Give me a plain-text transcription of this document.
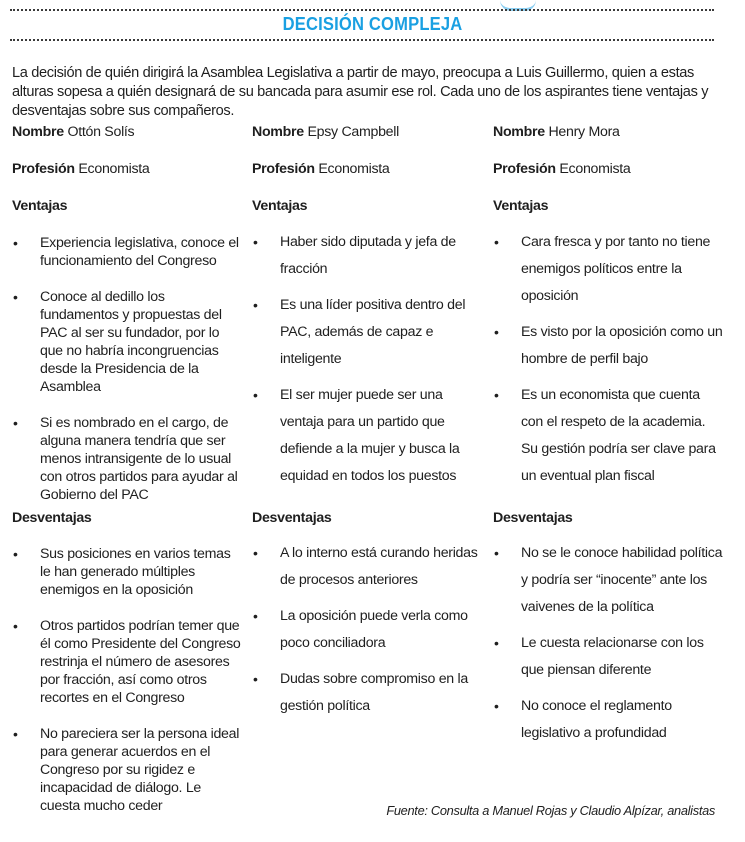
DECISIÓN COMPLEJA

La decisión de quién dirigirá la Asamblea Legislativa a partir de mayo, preocupa a Luis Guillermo, quien a estas alturas sopesa a quién designará de su bancada para asumir ese rol. Cada uno de los aspirantes tiene ventajas y desventajas sobre sus compañeros.

Nombre Ottón Solís
Profesión Economista
Ventajas
• Experiencia legislativa, conoce el funcionamiento del Congreso
• Conoce al dedillo los fundamentos y propuestas del PAC al ser su fundador, por lo que no habría incongruencias desde la Presidencia de la Asamblea
• Si es nombrado en el cargo, de alguna manera tendría que ser menos intransigente de lo usual con otros partidos para ayudar al Gobierno del PAC
Desventajas
• Sus posiciones en varios temas le han generado múltiples enemigos en la oposición
• Otros partidos podrían temer que él como Presidente del Congreso restrinja el número de asesores por fracción, así como otros recortes en el Congreso
• No pareciera ser la persona ideal para generar acuerdos en el Congreso por su rigidez e incapacidad de diálogo. Le cuesta mucho ceder
Nombre Epsy Campbell
Profesión Economista
Ventajas
• Haber sido diputada y jefa de fracción
• Es una líder positiva dentro del PAC, además de capaz e inteligente
• El ser mujer puede ser una ventaja para un partido que defiende a la mujer y busca la equidad en todos los puestos
Desventajas
• A lo interno está curando heridas de procesos anteriores
• La oposición puede verla como poco conciliadora
• Dudas sobre compromiso en la gestión política
Nombre Henry Mora
Profesión Economista
Ventajas
• Cara fresca y por tanto no tiene enemigos políticos entre la oposición
• Es visto por la oposición como un hombre de perfil bajo
• Es un economista que cuenta con el respeto de la academia. Su gestión podría ser clave para un eventual plan fiscal
Desventajas
• No se le conoce habilidad política y podría ser “inocente” ante los vaivenes de la política
• Le cuesta relacionarse con los que piensan diferente
• No conoce el reglamento legislativo a profundidad
Fuente: Consulta a Manuel Rojas y Claudio Alpízar, analistas
